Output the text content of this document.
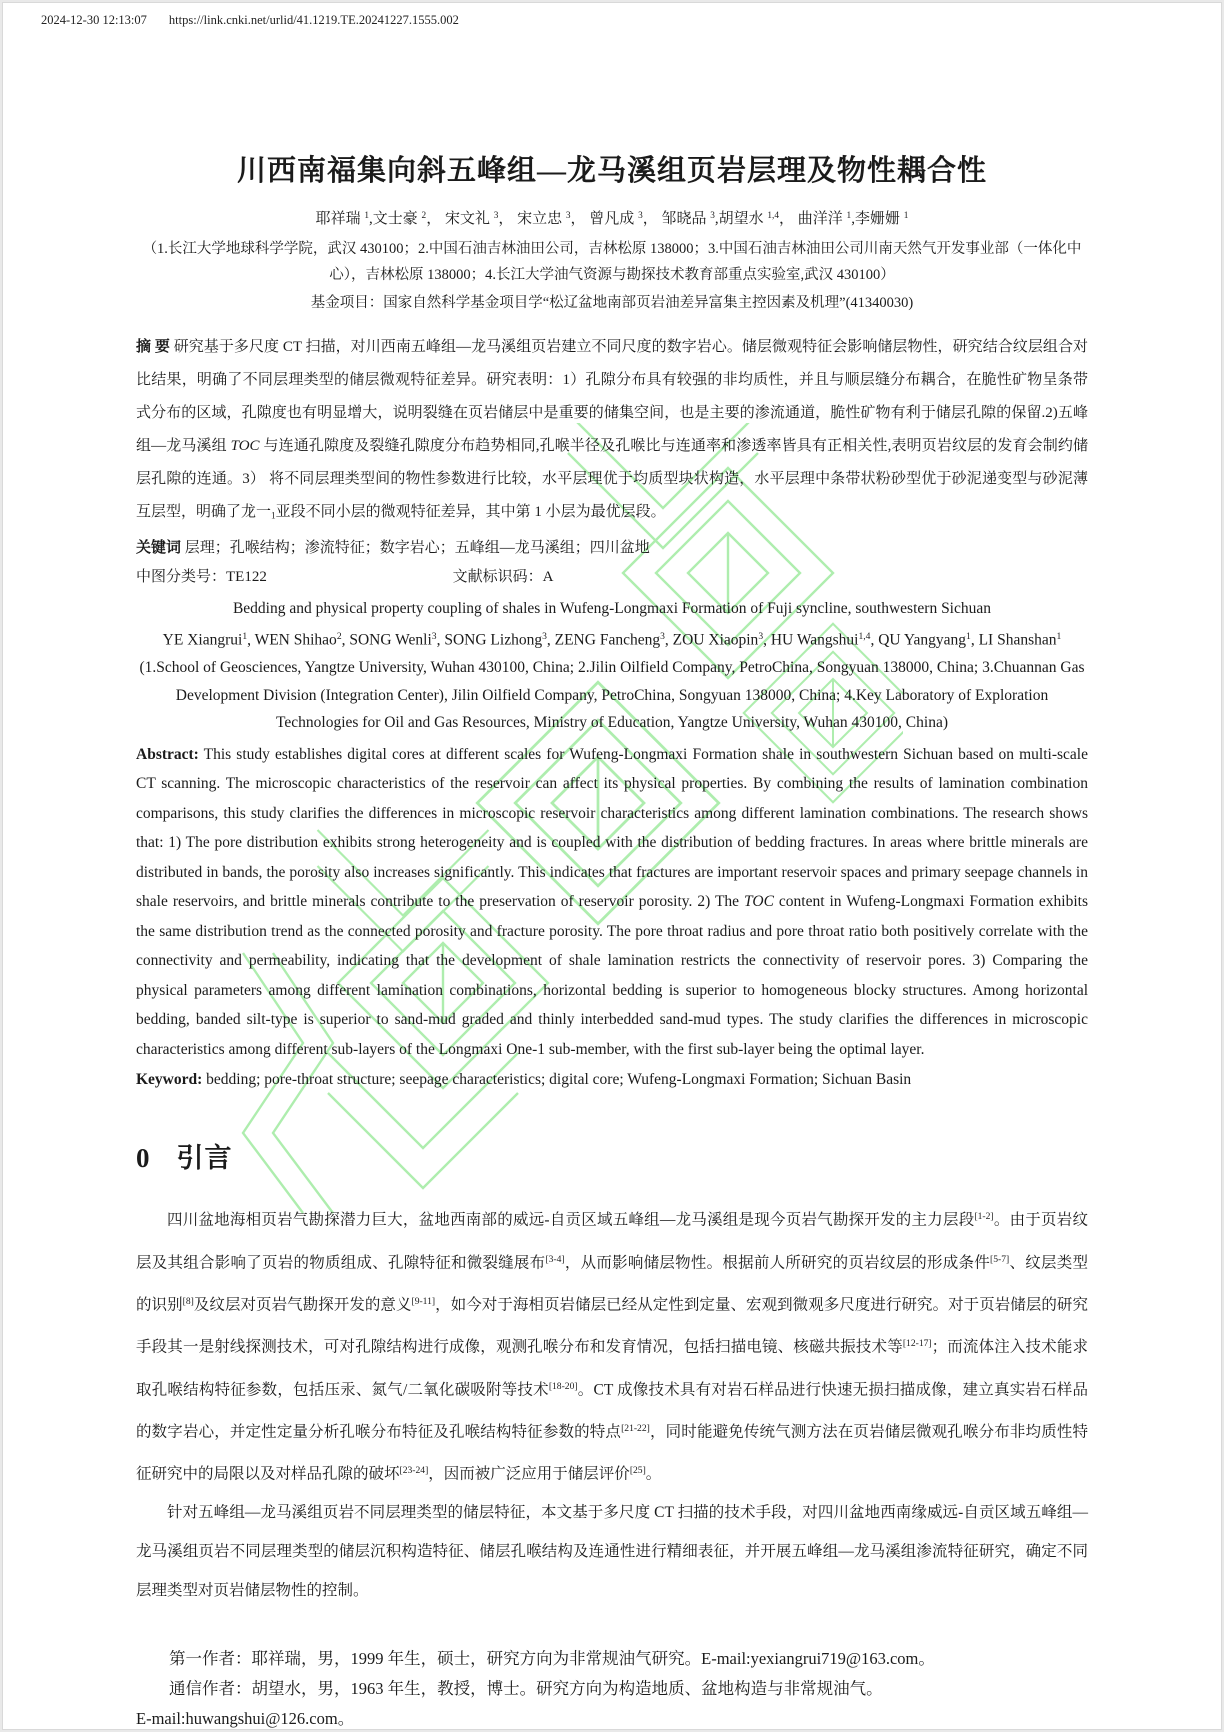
2024-12-30 12:13:07 https://link.cnki.net/urlid/41.1219.TE.20241227.1555.002
川西南福集向斜五峰组—龙马溪组页岩层理及物性耦合性
耶祥瑞 $^1$,文士豪 $^2$， 宋文礼 $^3$， 宋立忠 $^3$， 曾凡成 $^3$， 邹晓品 $^3$,胡望水 $^{1,4}$， 曲洋洋 $^1$,李姗姗 $^1$
（1.长江大学地球科学学院，武汉 430100；2.中国石油吉林油田公司，吉林松原 138000；3.中国石油吉林油田公司川南天然气开发事业部（一体化中心），吉林松原 138000；4.长江大学油气资源与勘探技术教育部重点实验室,武汉 430100）
基金项目：国家自然科学基金项目学“松辽盆地南部页岩油差异富集主控因素及机理”(41340030)

摘 要 研究基于多尺度 CT 扫描，对川西南五峰组—龙马溪组页岩建立不同尺度的数字岩心。储层微观特征会影响储层物性，研究结合纹层组合对比结果，明确了不同层理类型的储层微观特征差异。研究表明：1）孔隙分布具有较强的非均质性，并且与顺层缝分布耦合，在脆性矿物呈条带式分布的区域，孔隙度也有明显增大，说明裂缝在页岩储层中是重要的储集空间，也是主要的渗流通道，脆性矿物有利于储层孔隙的保留.2)五峰组—龙马溪组 TOC 与连通孔隙度及裂缝孔隙度分布趋势相同,孔喉半径及孔喉比与连通率和渗透率皆具有正相关性,表明页岩纹层的发育会制约储层孔隙的连通。3） 将不同层理类型间的物性参数进行比较，水平层理优于均质型块状构造，水平层理中条带状粉砂型优于砂泥递变型与砂泥薄互层型，明确了龙一$_1$亚段不同小层的微观特征差异，其中第 1 小层为最优层段。

关键词 层理；孔喉结构；渗流特征；数字岩心；五峰组—龙马溪组；四川盆地

中图分类号：TE122	文献标识码：A
Bedding and physical property coupling of shales in Wufeng-Longmaxi Formation of Fuji syncline, southwestern Sichuan
YE Xiangrui$^1$, WEN Shihao$^2$, SONG Wenli$^3$, SONG Lizhong$^3$, ZENG Fancheng$^3$, ZOU Xiaopin$^3$, HU Wangshui$^{1,4}$, QU Yangyang$^1$, LI Shanshan$^1$
(1.School of Geosciences, Yangtze University, Wuhan 430100, China; 2.Jilin Oilfield Company, PetroChina, Songyuan 138000, China; 3.Chuannan Gas Development Division (Integration Center), Jilin Oilfield Company, PetroChina, Songyuan 138000, China; 4.Key Laboratory of Exploration Technologies for Oil and Gas Resources, Ministry of Education, Yangtze University, Wuhan 430100, China)

Abstract: This study establishes digital cores at different scales for Wufeng-Longmaxi Formation shale in southwestern Sichuan based on multi-scale CT scanning. The microscopic characteristics of the reservoir can affect its physical properties. By combining the results of lamination combination comparisons, this study clarifies the differences in microscopic reservoir characteristics among different lamination combinations. The research shows that: 1) The pore distribution exhibits strong heterogeneity and is coupled with the distribution of bedding fractures. In areas where brittle minerals are distributed in bands, the porosity also increases significantly. This indicates that fractures are important reservoir spaces and primary seepage channels in shale reservoirs, and brittle minerals contribute to the preservation of reservoir porosity. 2) The TOC content in Wufeng-Longmaxi Formation exhibits the same distribution trend as the connected porosity and fracture porosity. The pore throat radius and pore throat ratio both positively correlate with the connectivity and permeability, indicating that the development of shale lamination restricts the connectivity of reservoir pores. 3) Comparing the physical parameters among different lamination combinations, horizontal bedding is superior to homogeneous blocky structures. Among horizontal bedding, banded silt-type is superior to sand-mud graded and thinly interbedded sand-mud types. The study clarifies the differences in microscopic characteristics among different sub-layers of the Longmaxi One-1 sub-member, with the first sub-layer being the optimal layer.

Keyword: bedding; pore-throat structure; seepage characteristics; digital core; Wufeng-Longmaxi Formation; Sichuan Basin

0 引言

四川盆地海相页岩气勘探潜力巨大，盆地西南部的威远-自贡区域五峰组—龙马溪组是现今页岩气勘探开发的主力层段[1-2]。由于页岩纹层及其组合影响了页岩的物质组成、孔隙特征和微裂缝展布[3-4]，从而影响储层物性。根据前人所研究的页岩纹层的形成条件[5-7]、纹层类型的识别[8]及纹层对页岩气勘探开发的意义[9-11]，如今对于海相页岩储层已经从定性到定量、宏观到微观多尺度进行研究。对于页岩储层的研究手段其一是射线探测技术，可对孔隙结构进行成像，观测孔喉分布和发育情况，包括扫描电镜、核磁共振技术等[12-17]；而流体注入技术能求取孔喉结构特征参数，包括压汞、氮气/二氧化碳吸附等技术[18-20]。CT 成像技术具有对岩石样品进行快速无损扫描成像，建立真实岩石样品的数字岩心，并定性定量分析孔喉分布特征及孔喉结构特征参数的特点[21-22]，同时能避免传统气测方法在页岩储层微观孔喉分布非均质性特征研究中的局限以及对样品孔隙的破坏[23-24]，因而被广泛应用于储层评价[25]。

针对五峰组—龙马溪组页岩不同层理类型的储层特征，本文基于多尺度 CT 扫描的技术手段，对四川盆地西南缘威远-自贡区域五峰组—龙马溪组页岩不同层理类型的储层沉积构造特征、储层孔喉结构及连通性进行精细表征，并开展五峰组—龙马溪组渗流特征研究，确定不同层理类型对页岩储层物性的控制。

第一作者：耶祥瑞，男，1999 年生，硕士，研究方向为非常规油气研究。E-mail:yexiangrui719@163.com。
通信作者：胡望水，男，1963 年生，教授，博士。研究方向为构造地质、盆地构造与非常规油气。
E-mail:huwangshui@126.com。
